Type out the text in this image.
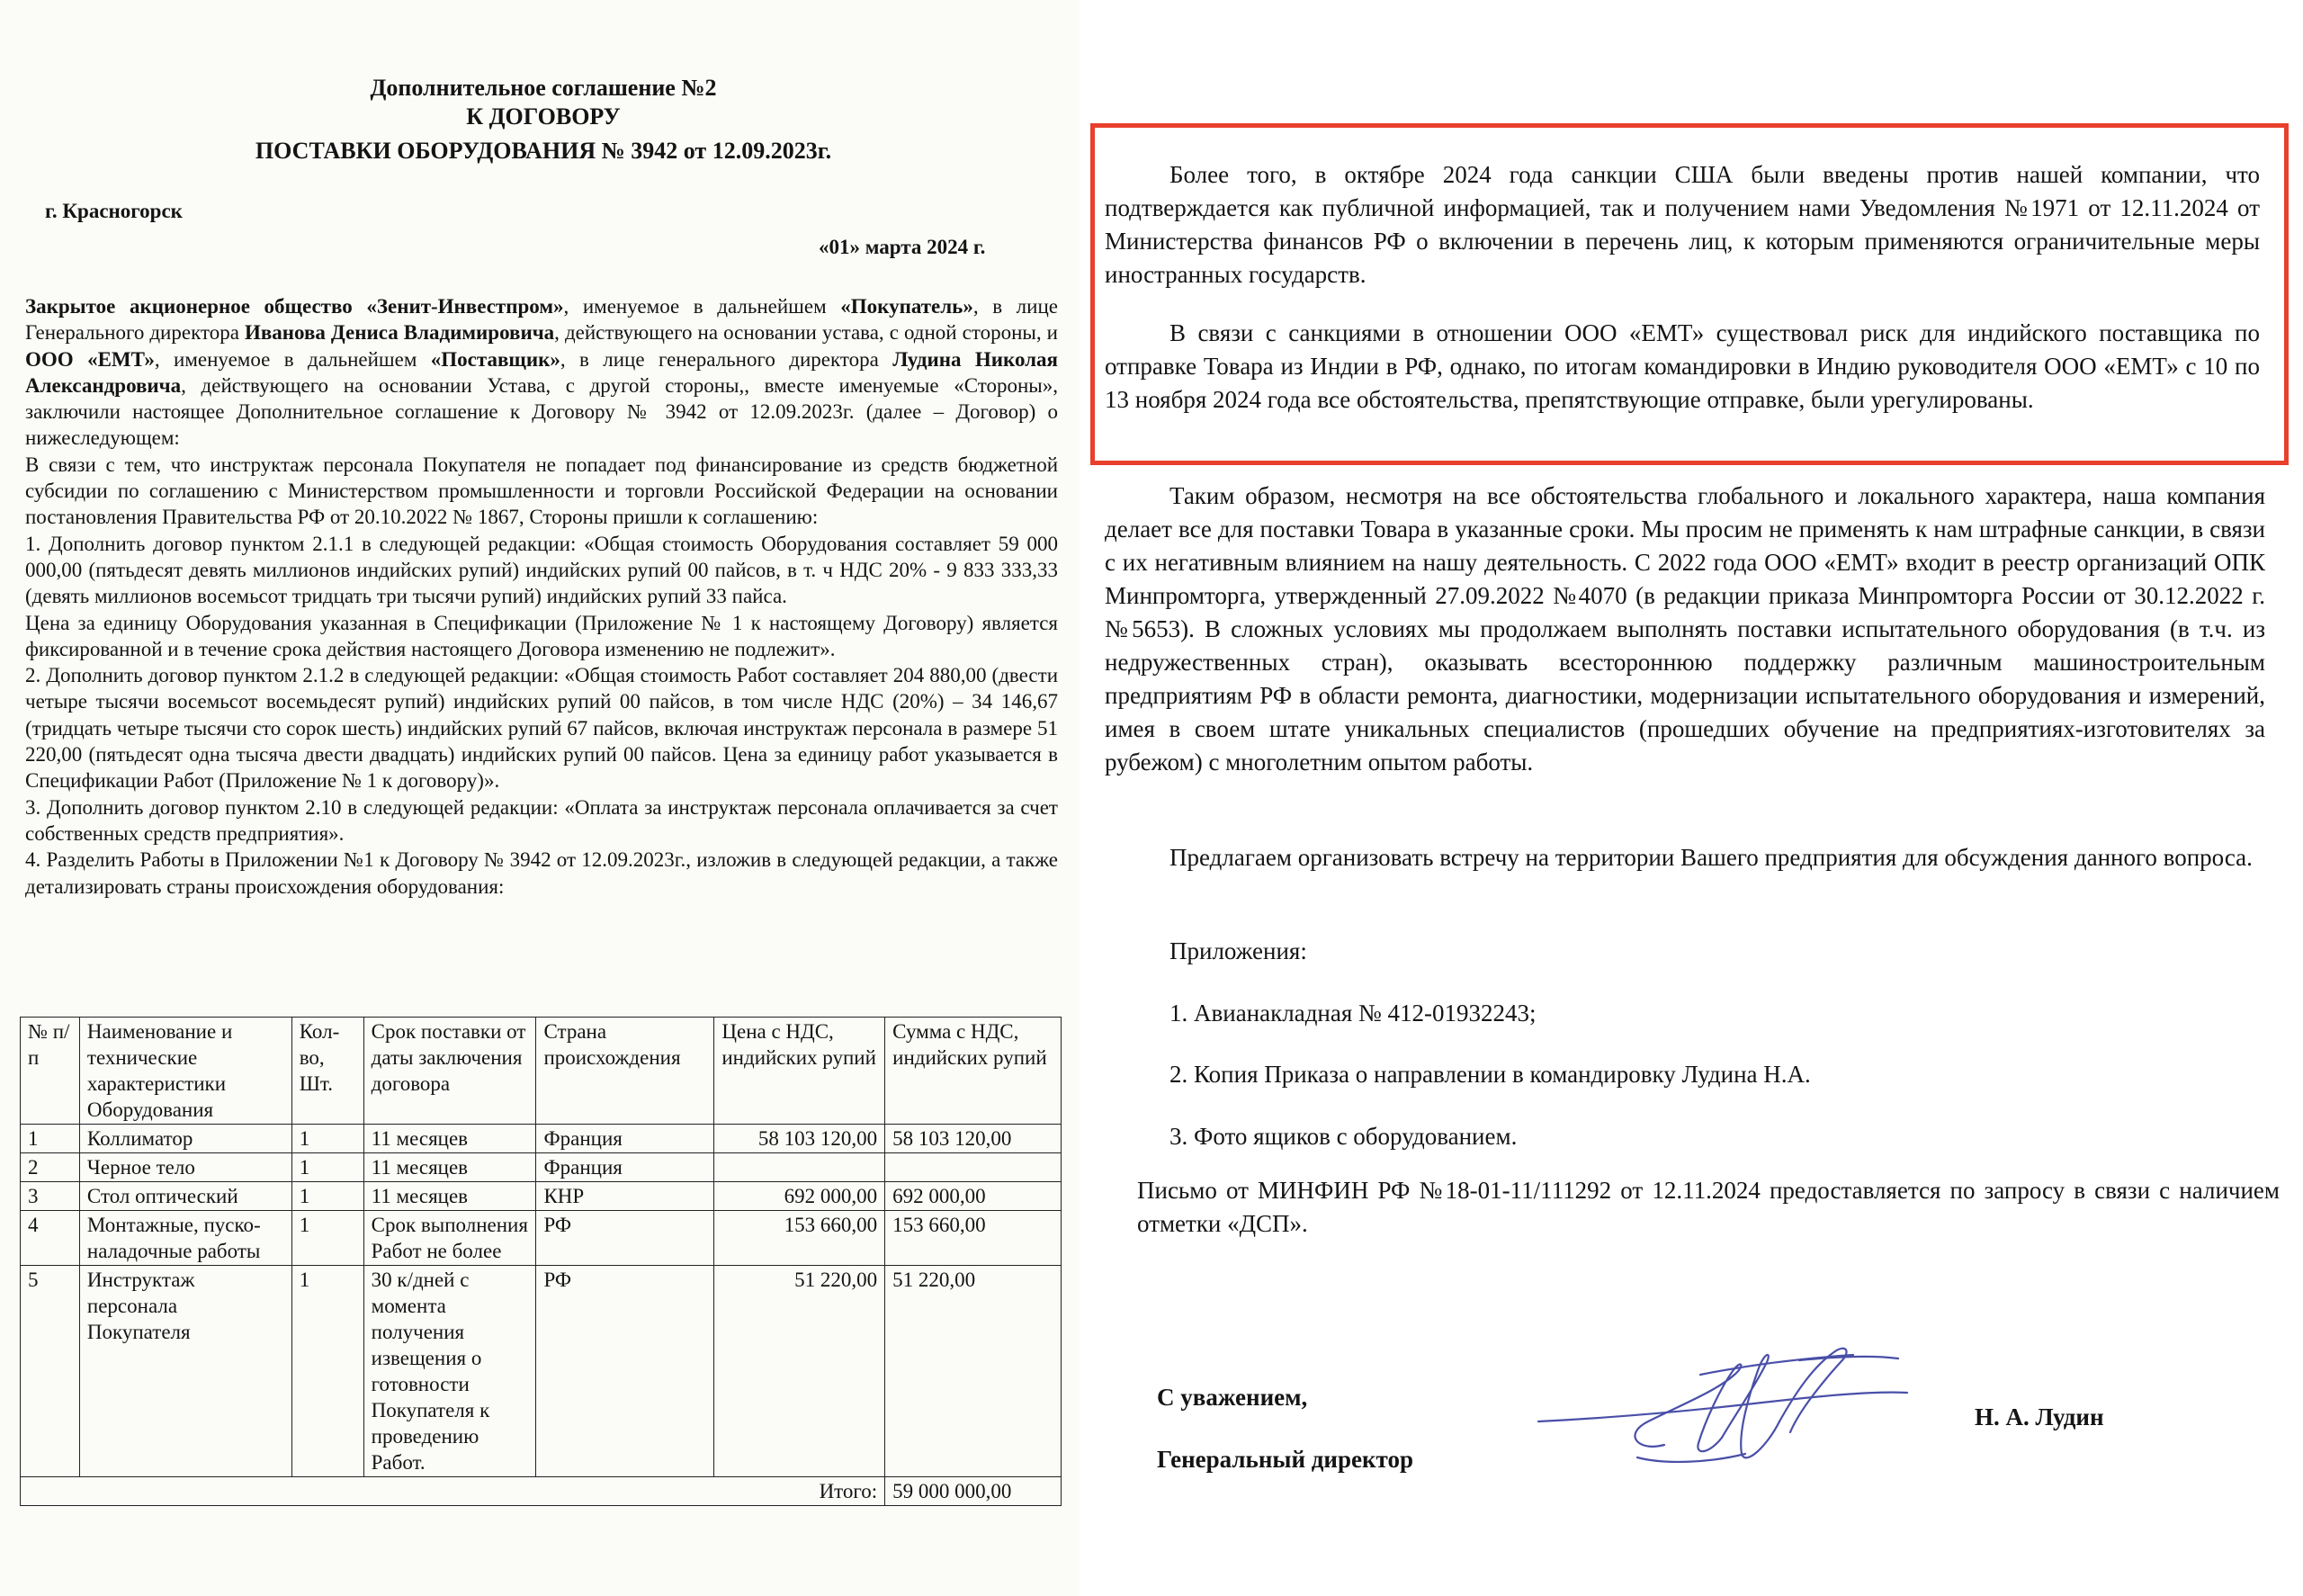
Дополнительное соглашение №2
К ДОГОВОРУ
ПОСТАВКИ ОБОРУДОВАНИЯ № 3942 от 12.09.2023г.
г. Красногорск
«01» марта 2024 г.

Закрытое акционерное общество «Зенит-Инвестпром», именуемое в дальнейшем «Покупатель», в лице Генерального директора Иванова Дениса Владимировича, действующего на основании устава, с одной стороны, и ООО «ЕМТ», именуемое в дальнейшем «Поставщик», в лице генерального директора Лудина Николая Александровича, действующего на основании Устава, с другой стороны,, вместе именуемые «Стороны», заключили настоящее Дополнительное соглашение к Договору № 3942 от 12.09.2023г. (далее – Договор) о нижеследующем:

В связи с тем, что инструктаж персонала Покупателя не попадает под финансирование из средств бюджетной субсидии по соглашению с Министерством промышленности и торговли Российской Федерации на основании постановления Правительства РФ от 20.10.2022 № 1867, Стороны пришли к соглашению:

1. Дополнить договор пунктом 2.1.1 в следующей редакции: «Общая стоимость Оборудования составляет 59 000 000,00 (пятьдесят девять миллионов индийских рупий) индийских рупий 00 пайсов, в т. ч НДС 20% - 9 833 333,33 (девять миллионов восемьсот тридцать три тысячи рупий) индийских рупий 33 пайса.

Цена за единицу Оборудования указанная в Спецификации (Приложение № 1 к настоящему Договору) является фиксированной и в течение срока действия настоящего Договора изменению не подлежит».

2. Дополнить договор пунктом 2.1.2 в следующей редакции: «Общая стоимость Работ составляет 204 880,00 (двести четыре тысячи восемьсот восемьдесят рупий) индийских рупий 00 пайсов, в том числе НДС (20%) – 34 146,67 (тридцать четыре тысячи сто сорок шесть) индийских рупий 67 пайсов, включая инструктаж персонала в размере 51 220,00 (пятьдесят одна тысяча двести двадцать) индийских рупий 00 пайсов. Цена за единицу работ указывается в Спецификации Работ (Приложение № 1 к договору)».

3. Дополнить договор пунктом 2.10 в следующей редакции: «Оплата за инструктаж персонала оплачивается за счет собственных средств предприятия».

4. Разделить Работы в Приложении №1 к Договору № 3942 от 12.09.2023г., изложив в следующей редакции, а также детализировать страны происхождения оборудования:

№ п/п	Наименование и технические характеристики Оборудования	Кол-во, Шт.	Срок поставки от даты заключения договора	Страна происхождения	Цена с НДС, индийских рупий	Сумма с НДС, индийских рупий
1	Коллиматор	1	11 месяцев	Франция	58 103 120,00	58 103 120,00
2	Черное тело	1	11 месяцев	Франция		
3	Стол оптический	1	11 месяцев	КНР	692 000,00	692 000,00
4	Монтажные, пуско-наладочные работы	1	Срок выполнения Работ не более	РФ	153 660,00	153 660,00
5	Инструктаж персонала Покупателя	1	30 к/дней с момента получения извещения о готовности Покупателя к проведению Работ.	РФ	51 220,00	51 220,00
					Итого:	59 000 000,00
Более того, в октябре 2024 года санкции США были введены против нашей компании, что подтверждается как публичной информацией, так и получением нами Уведомления №1971 от 12.11.2024 от Министерства финансов РФ о включении в перечень лиц, к которым применяются ограничительные меры иностранных государств.
В связи с санкциями в отношении ООО «ЕМТ» существовал риск для индийского поставщика по отправке Товара из Индии в РФ, однако, по итогам командировки в Индию руководителя ООО «ЕМТ» с 10 по 13 ноября 2024 года все обстоятельства, препятствующие отправке, были урегулированы.
Таким образом, несмотря на все обстоятельства глобального и локального характера, наша компания делает все для поставки Товара в указанные сроки. Мы просим не применять к нам штрафные санкции, в связи с их негативным влиянием на нашу деятельность. С 2022 года ООО «ЕМТ» входит в реестр организаций ОПК Минпромторга, утвержденный 27.09.2022 №4070 (в редакции приказа Минпромторга России от 30.12.2022 г. №5653). В сложных условиях мы продолжаем выполнять поставки испытательного оборудования (в т.ч. из недружественных стран), оказывать всестороннюю поддержку различным машиностроительным предприятиям РФ в области ремонта, диагностики, модернизации испытательного оборудования и измерений, имея в своем штате уникальных специалистов (прошедших обучение на предприятиях-изготовителях за рубежом) с многолетним опытом работы.
Предлагаем организовать встречу на территории Вашего предприятия для обсуждения данного вопроса.
Приложения:
1. Авианакладная № 412-01932243;
2. Копия Приказа о направлении в командировку Лудина Н.А.
3. Фото ящиков с оборудованием.
Письмо от МИНФИН РФ №18-01-11/111292 от 12.11.2024 предоставляется по запросу в связи с наличием отметки «ДСП».
С уважением,
Генеральный директор
Н. А. Лудин
